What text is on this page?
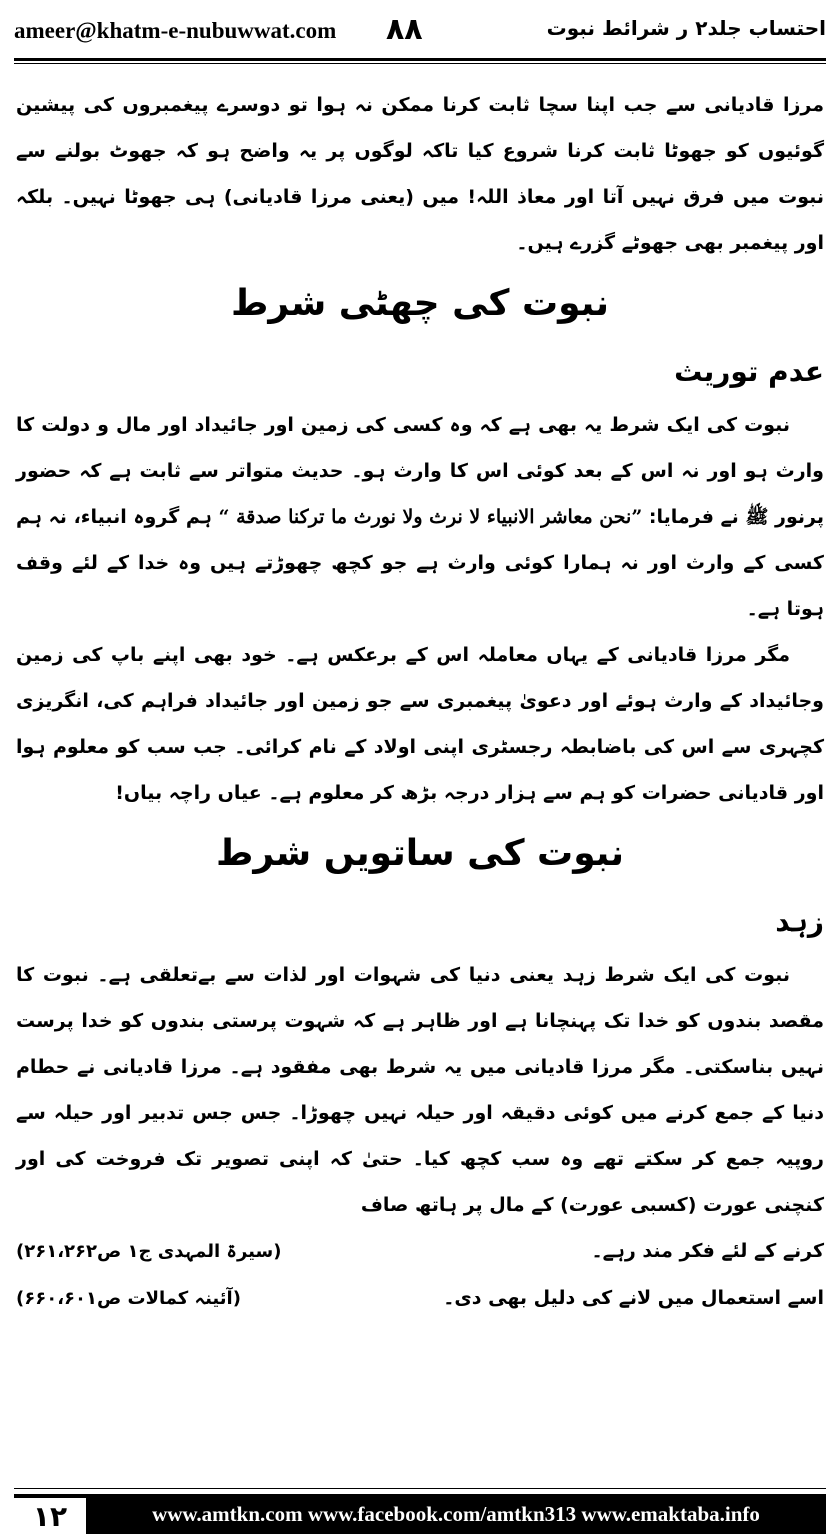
ameer@khatm-e-nubuwwat.com ٨٨	احتساب جلد۲ ر شرائط نبوت

مرزا قادیانی سے جب اپنا سچا ثابت کرنا ممکن نہ ہوا تو دوسرے پیغمبروں کی پیشین گوئیوں کو جھوٹا ثابت کرنا شروع کیا تاکہ لوگوں پر یہ واضح ہو کہ جھوٹ بولنے سے نبوت میں فرق نہیں آتا اور معاذ اللہ! میں (یعنی مرزا قادیانی) ہی جھوٹا نہیں۔ بلکہ اور پیغمبر بھی جھوٹے گزرے ہیں۔

نبوت کی چھٹی شرط

عدم توریث

نبوت کی ایک شرط یہ بھی ہے کہ وہ کسی کی زمین اور جائیداد اور مال و دولت کا وارث ہو اور نہ اس کے بعد کوئی اس کا وارث ہو۔ حدیث متواتر سے ثابت ہے کہ حضور پرنور ﷺ نے فرمایا: ”نحن معاشر الانبیاء لا نرث ولا نورث ما ترکنا صدقة “ ہم گروہ انبیاء، نہ ہم کسی کے وارث اور نہ ہمارا کوئی وارث ہے جو کچھ چھوڑتے ہیں وہ خدا کے لئے وقف ہوتا ہے۔

مگر مرزا قادیانی کے یہاں معاملہ اس کے برعکس ہے۔ خود بھی اپنے باپ کی زمین وجائیداد کے وارث ہوئے اور دعویٰ پیغمبری سے جو زمین اور جائیداد فراہم کی، انگریزی کچہری سے اس کی باضابطہ رجسٹری اپنی اولاد کے نام کرائی۔ جب سب کو معلوم ہوا اور قادیانی حضرات کو ہم سے ہزار درجہ بڑھ کر معلوم ہے۔ عیاں راچہ بیاں!

نبوت کی ساتویں شرط

زہد

نبوت کی ایک شرط زہد یعنی دنیا کی شہوات اور لذات سے بےتعلقی ہے۔ نبوت کا مقصد بندوں کو خدا تک پہنچانا ہے اور ظاہر ہے کہ شہوت پرستی بندوں کو خدا پرست نہیں بناسکتی۔ مگر مرزا قادیانی میں یہ شرط بھی مفقود ہے۔ مرزا قادیانی نے حطام دنیا کے جمع کرنے میں کوئی دقیقہ اور حیلہ نہیں چھوڑا۔ جس جس تدبیر اور حیلہ سے روپیہ جمع کر سکتے تھے وہ سب کچھ کیا۔ حتیٰ کہ اپنی تصویر تک فروخت کی اور کنچنی عورت (کسبی عورت) کے مال پر ہاتھ صاف

کرنے کے لئے فکر مند رہے۔
(سیرۃ المہدی ج۱ ص۲۶۱،۲۶۲)
اسے استعمال میں لانے کی دلیل بھی دی۔
(آئینہ کمالات ص۶۶۰،۶۰۱)
١٢	www.amtkn.com www.facebook.com/amtkn313 www.emaktaba.info
